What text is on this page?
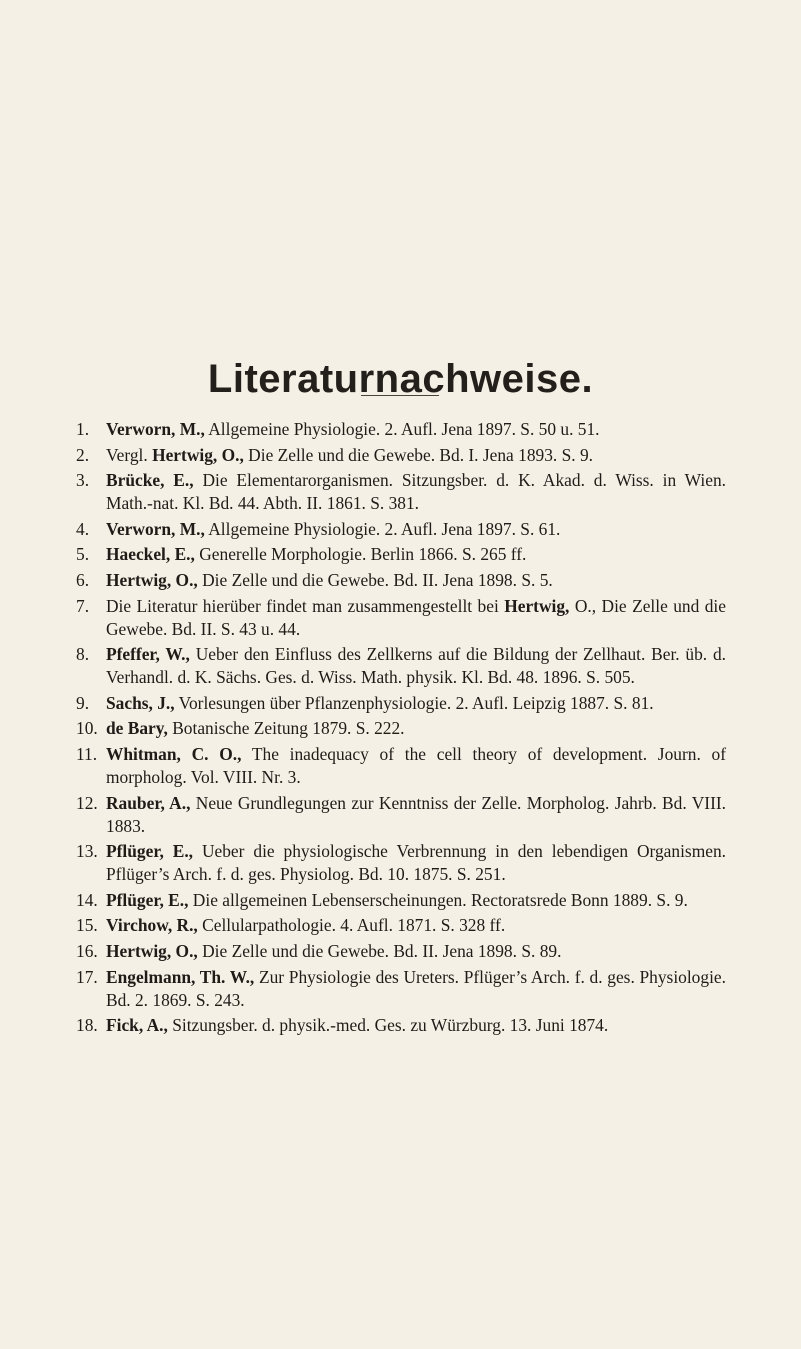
Literaturnachweise.
1. Verworn, M., Allgemeine Physiologie. 2. Aufl. Jena 1897. S. 50 u. 51.
2. Vergl. Hertwig, O., Die Zelle und die Gewebe. Bd. I. Jena 1893. S. 9.
3. Brücke, E., Die Elementarorganismen. Sitzungsber. d. K. Akad. d. Wiss. in Wien. Math.-nat. Kl. Bd. 44. Abth. II. 1861. S. 381.
4. Verworn, M., Allgemeine Physiologie. 2. Aufl. Jena 1897. S. 61.
5. Haeckel, E., Generelle Morphologie. Berlin 1866. S. 265 ff.
6. Hertwig, O., Die Zelle und die Gewebe. Bd. II. Jena 1898. S. 5.
7. Die Literatur hierüber findet man zusammengestellt bei Hertwig, O., Die Zelle und die Gewebe. Bd. II. S. 43 u. 44.
8. Pfeffer, W., Ueber den Einfluss des Zellkerns auf die Bildung der Zellhaut. Ber. üb. d. Verhandl. d. K. Sächs. Ges. d. Wiss. Math. physik. Kl. Bd. 48. 1896. S. 505.
9. Sachs, J., Vorlesungen über Pflanzenphysiologie. 2. Aufl. Leipzig 1887. S. 81.
10. de Bary, Botanische Zeitung 1879. S. 222.
11. Whitman, C. O., The inadequacy of the cell theory of development. Journ. of morpholog. Vol. VIII. Nr. 3.
12. Rauber, A., Neue Grundlegungen zur Kenntniss der Zelle. Morpholog. Jahrb. Bd. VIII. 1883.
13. Pflüger, E., Ueber die physiologische Verbrennung in den lebendigen Organismen. Pflüger’s Arch. f. d. ges. Physiolog. Bd. 10. 1875. S. 251.
14. Pflüger, E., Die allgemeinen Lebenserscheinungen. Rectoratsrede Bonn 1889. S. 9.
15. Virchow, R., Cellularpathologie. 4. Aufl. 1871. S. 328 ff.
16. Hertwig, O., Die Zelle und die Gewebe. Bd. II. Jena 1898. S. 89.
17. Engelmann, Th. W., Zur Physiologie des Ureters. Pflüger’s Arch. f. d. ges. Physiologie. Bd. 2. 1869. S. 243.
18. Fick, A., Sitzungsber. d. physik.-med. Ges. zu Würzburg. 13. Juni 1874.
